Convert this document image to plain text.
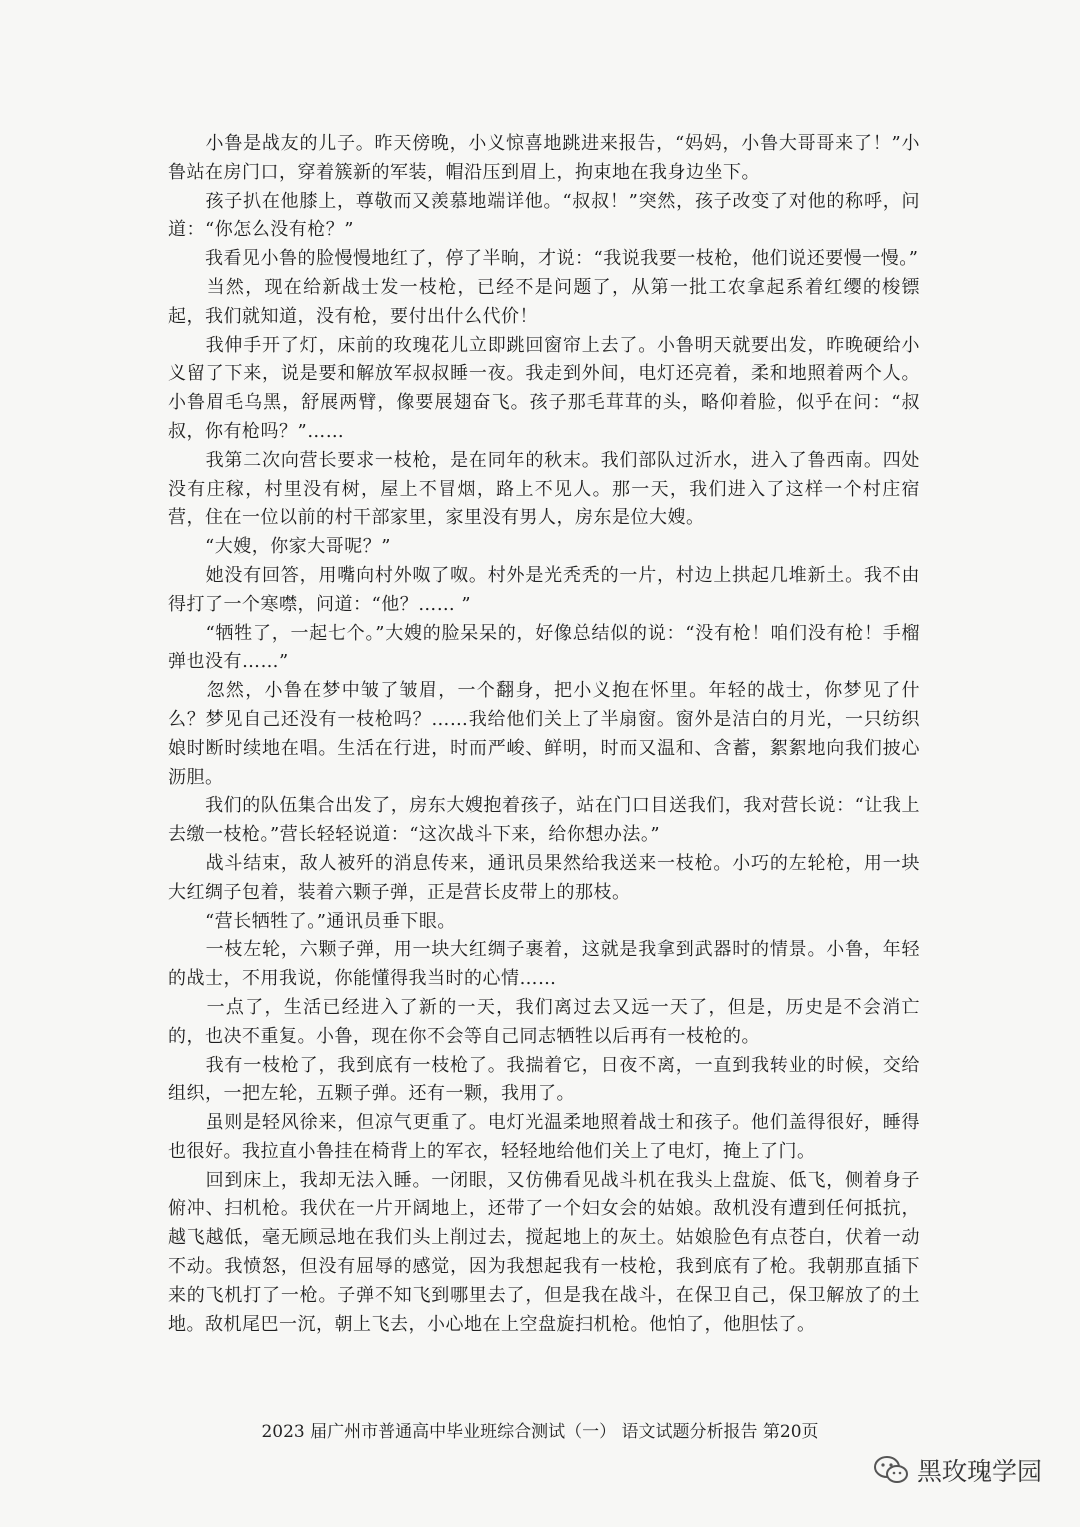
　　小鲁是战友的儿子。昨天傍晚，小义惊喜地跳进来报告，“妈妈，小鲁大哥哥来了！”小鲁站在房门口，穿着簇新的军装，帽沿压到眉上，拘束地在我身边坐下。

　　孩子扒在他膝上，尊敬而又羡慕地端详他。“叔叔！”突然，孩子改变了对他的称呼，问道：“你怎么没有枪？”

　　我看见小鲁的脸慢慢地红了，停了半晌，才说：“我说我要一枝枪，他们说还要慢一慢。”

　　当然，现在给新战士发一枝枪，已经不是问题了，从第一批工农拿起系着红缨的梭镖起，我们就知道，没有枪，要付出什么代价！

　　我伸手开了灯，床前的玫瑰花儿立即跳回窗帘上去了。小鲁明天就要出发，昨晚硬给小义留了下来，说是要和解放军叔叔睡一夜。我走到外间，电灯还亮着，柔和地照着两个人。小鲁眉毛乌黑，舒展两臂，像要展翅奋飞。孩子那毛茸茸的头，略仰着脸，似乎在问：“叔叔，你有枪吗？”……

　　我第二次向营长要求一枝枪，是在同年的秋末。我们部队过沂水，进入了鲁西南。四处没有庄稼，村里没有树，屋上不冒烟，路上不见人。那一天，我们进入了这样一个村庄宿营，住在一位以前的村干部家里，家里没有男人，房东是位大嫂。

　　“大嫂，你家大哥呢？”

　　她没有回答，用嘴向村外呶了呶。村外是光秃秃的一片，村边上拱起几堆新土。我不由得打了一个寒噤，问道：“他？…… ”

　　“牺牲了，一起七个。”大嫂的脸呆呆的，好像总结似的说：“没有枪！咱们没有枪！手榴弹也没有……”

　　忽然，小鲁在梦中皱了皱眉，一个翻身，把小义抱在怀里。年轻的战士，你梦见了什么？梦见自己还没有一枝枪吗？……我给他们关上了半扇窗。窗外是洁白的月光，一只纺织娘时断时续地在唱。生活在行进，时而严峻、鲜明，时而又温和、含蓄，絮絮地向我们披心沥胆。

　　我们的队伍集合出发了，房东大嫂抱着孩子，站在门口目送我们，我对营长说：“让我上去缴一枝枪。”营长轻轻说道：“这次战斗下来，给你想办法。”

　　战斗结束，敌人被歼的消息传来，通讯员果然给我送来一枝枪。小巧的左轮枪，用一块大红绸子包着，装着六颗子弹，正是营长皮带上的那枝。

　　“营长牺牲了。”通讯员垂下眼。

　　一枝左轮，六颗子弹，用一块大红绸子裹着，这就是我拿到武器时的情景。小鲁，年轻的战士，不用我说，你能懂得我当时的心情……

　　一点了，生活已经进入了新的一天，我们离过去又远一天了，但是，历史是不会消亡的，也决不重复。小鲁，现在你不会等自己同志牺牲以后再有一枝枪的。

　　我有一枝枪了，我到底有一枝枪了。我揣着它，日夜不离，一直到我转业的时候，交给组织，一把左轮，五颗子弹。还有一颗，我用了。

　　虽则是轻风徐来，但凉气更重了。电灯光温柔地照着战士和孩子。他们盖得很好，睡得也很好。我拉直小鲁挂在椅背上的军衣，轻轻地给他们关上了电灯，掩上了门。

　　回到床上，我却无法入睡。一闭眼，又仿佛看见战斗机在我头上盘旋、低飞，侧着身子俯冲、扫机枪。我伏在一片开阔地上，还带了一个妇女会的姑娘。敌机没有遭到任何抵抗，越飞越低，毫无顾忌地在我们头上削过去，搅起地上的灰土。姑娘脸色有点苍白，伏着一动不动。我愤怒，但没有屈辱的感觉，因为我想起我有一枝枪，我到底有了枪。我朝那直插下来的飞机打了一枪。子弹不知飞到哪里去了，但是我在战斗，在保卫自己，保卫解放了的土地。敌机尾巴一沉，朝上飞去，小心地在上空盘旋扫机枪。他怕了，他胆怯了。

2023 届广州市普通高中毕业班综合测试（一） 语文试题分析报告 第20页
黑玫瑰学园
